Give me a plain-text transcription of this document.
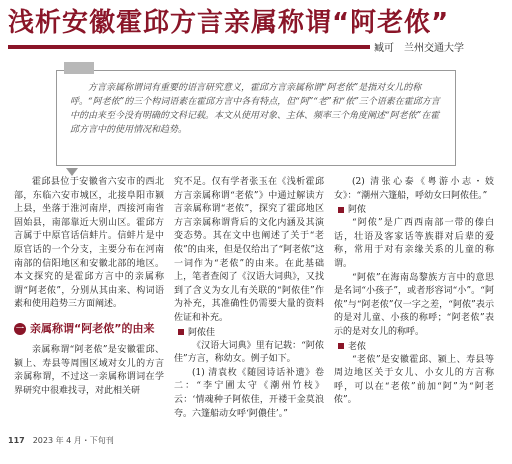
浅析安徽霍邱方言亲属称谓“阿老侬”
臧可 兰州交通大学
方言亲属称谓词有重要的语言研究意义，霍邱方言亲属称谓“阿老侬”是指对女儿的称呼。“阿老侬”的三个构词语素在霍邱方言中各有特点，但“阿”“老”和“侬”三个语素在霍邱方言中的由来至今没有明确的文科记载。本文从使用对象、主体、频率三个角度阐述“阿老侬”在霍邱方言中的使用情况和趋势。

霍邱县位于安徽省六安市的西北部，东临六安市城区，北接阜阳市颍上县，坐落于淮河南岸，西接河南省固始县，南部靠近大别山区。霍邱方言属于中原官话信蚌片。信蚌片是中原官话的一个分支，主要分布在河南南部的信阳地区和安徽北部的地区。本文探究的是霍邱方言中的亲属称谓“阿老侬”，分别从其由来、构词语素和使用趋势三方面阐述。

一 亲属称谓“阿老侬”的由来

亲属称谓“阿老侬”是安徽霍邱、颍上、寿县等周围区域对女儿的方言亲属称谓，不过这一亲属称谓词在学界研究中很难找寻，对此相关研

究不足。仅有学者张玉在《浅析霍邱方言亲属称谓“老侬”》中通过解读方言亲属称谓“老侬”，探究了霍邱地区方言亲属称谓背后的文化内涵及其演变态势。其在文中也阐述了关于“老侬”的由来，但是仅给出了“阿老侬”这一词作为“老侬”的由来。在此基础上，笔者查阅了《汉语大词典》，又找到了含义为女儿有关联的“阿侬佳”作为补充，其准确性仍需要大量的资料佐证和补充。

阿侬佳

《汉语大词典》里有记载：“阿侬佳”方言，称幼女。例子如下。

(1) 清袁枚《随园诗话补遗》卷二：“李宁圃太守《潮州竹枝》云：‘情魂种子阿侬佳，开褛干金莫浪夸。六篷船动女呼‘阿儂佳’。”

(2) 清张心泰《粤游小志・妓女》：“潮州六篷船，呼幼女曰阿侬佳。”

阿侬

“阿侬”是广西西南部一带的傣白话，壮语及客家话等族群对后辈的爱称，常用于对有亲缘关系的儿童的称谓。

“阿侬”在海南岛黎族方言中的意思是名词“小孩子”，或者形容词“小”。“阿侬”与“阿老侬”仅一字之差，“阿侬”表示的是对儿童、小孩的称呼；“阿老侬”表示的是对女儿的称呼。

老侬

“老侬”是安徽霍邱、颍上、寿县等周边地区关于女儿、小女儿的方言称呼，可以在“老侬”前加“阿”为“阿老侬”。

117 2023 年 4 月・下旬刊
